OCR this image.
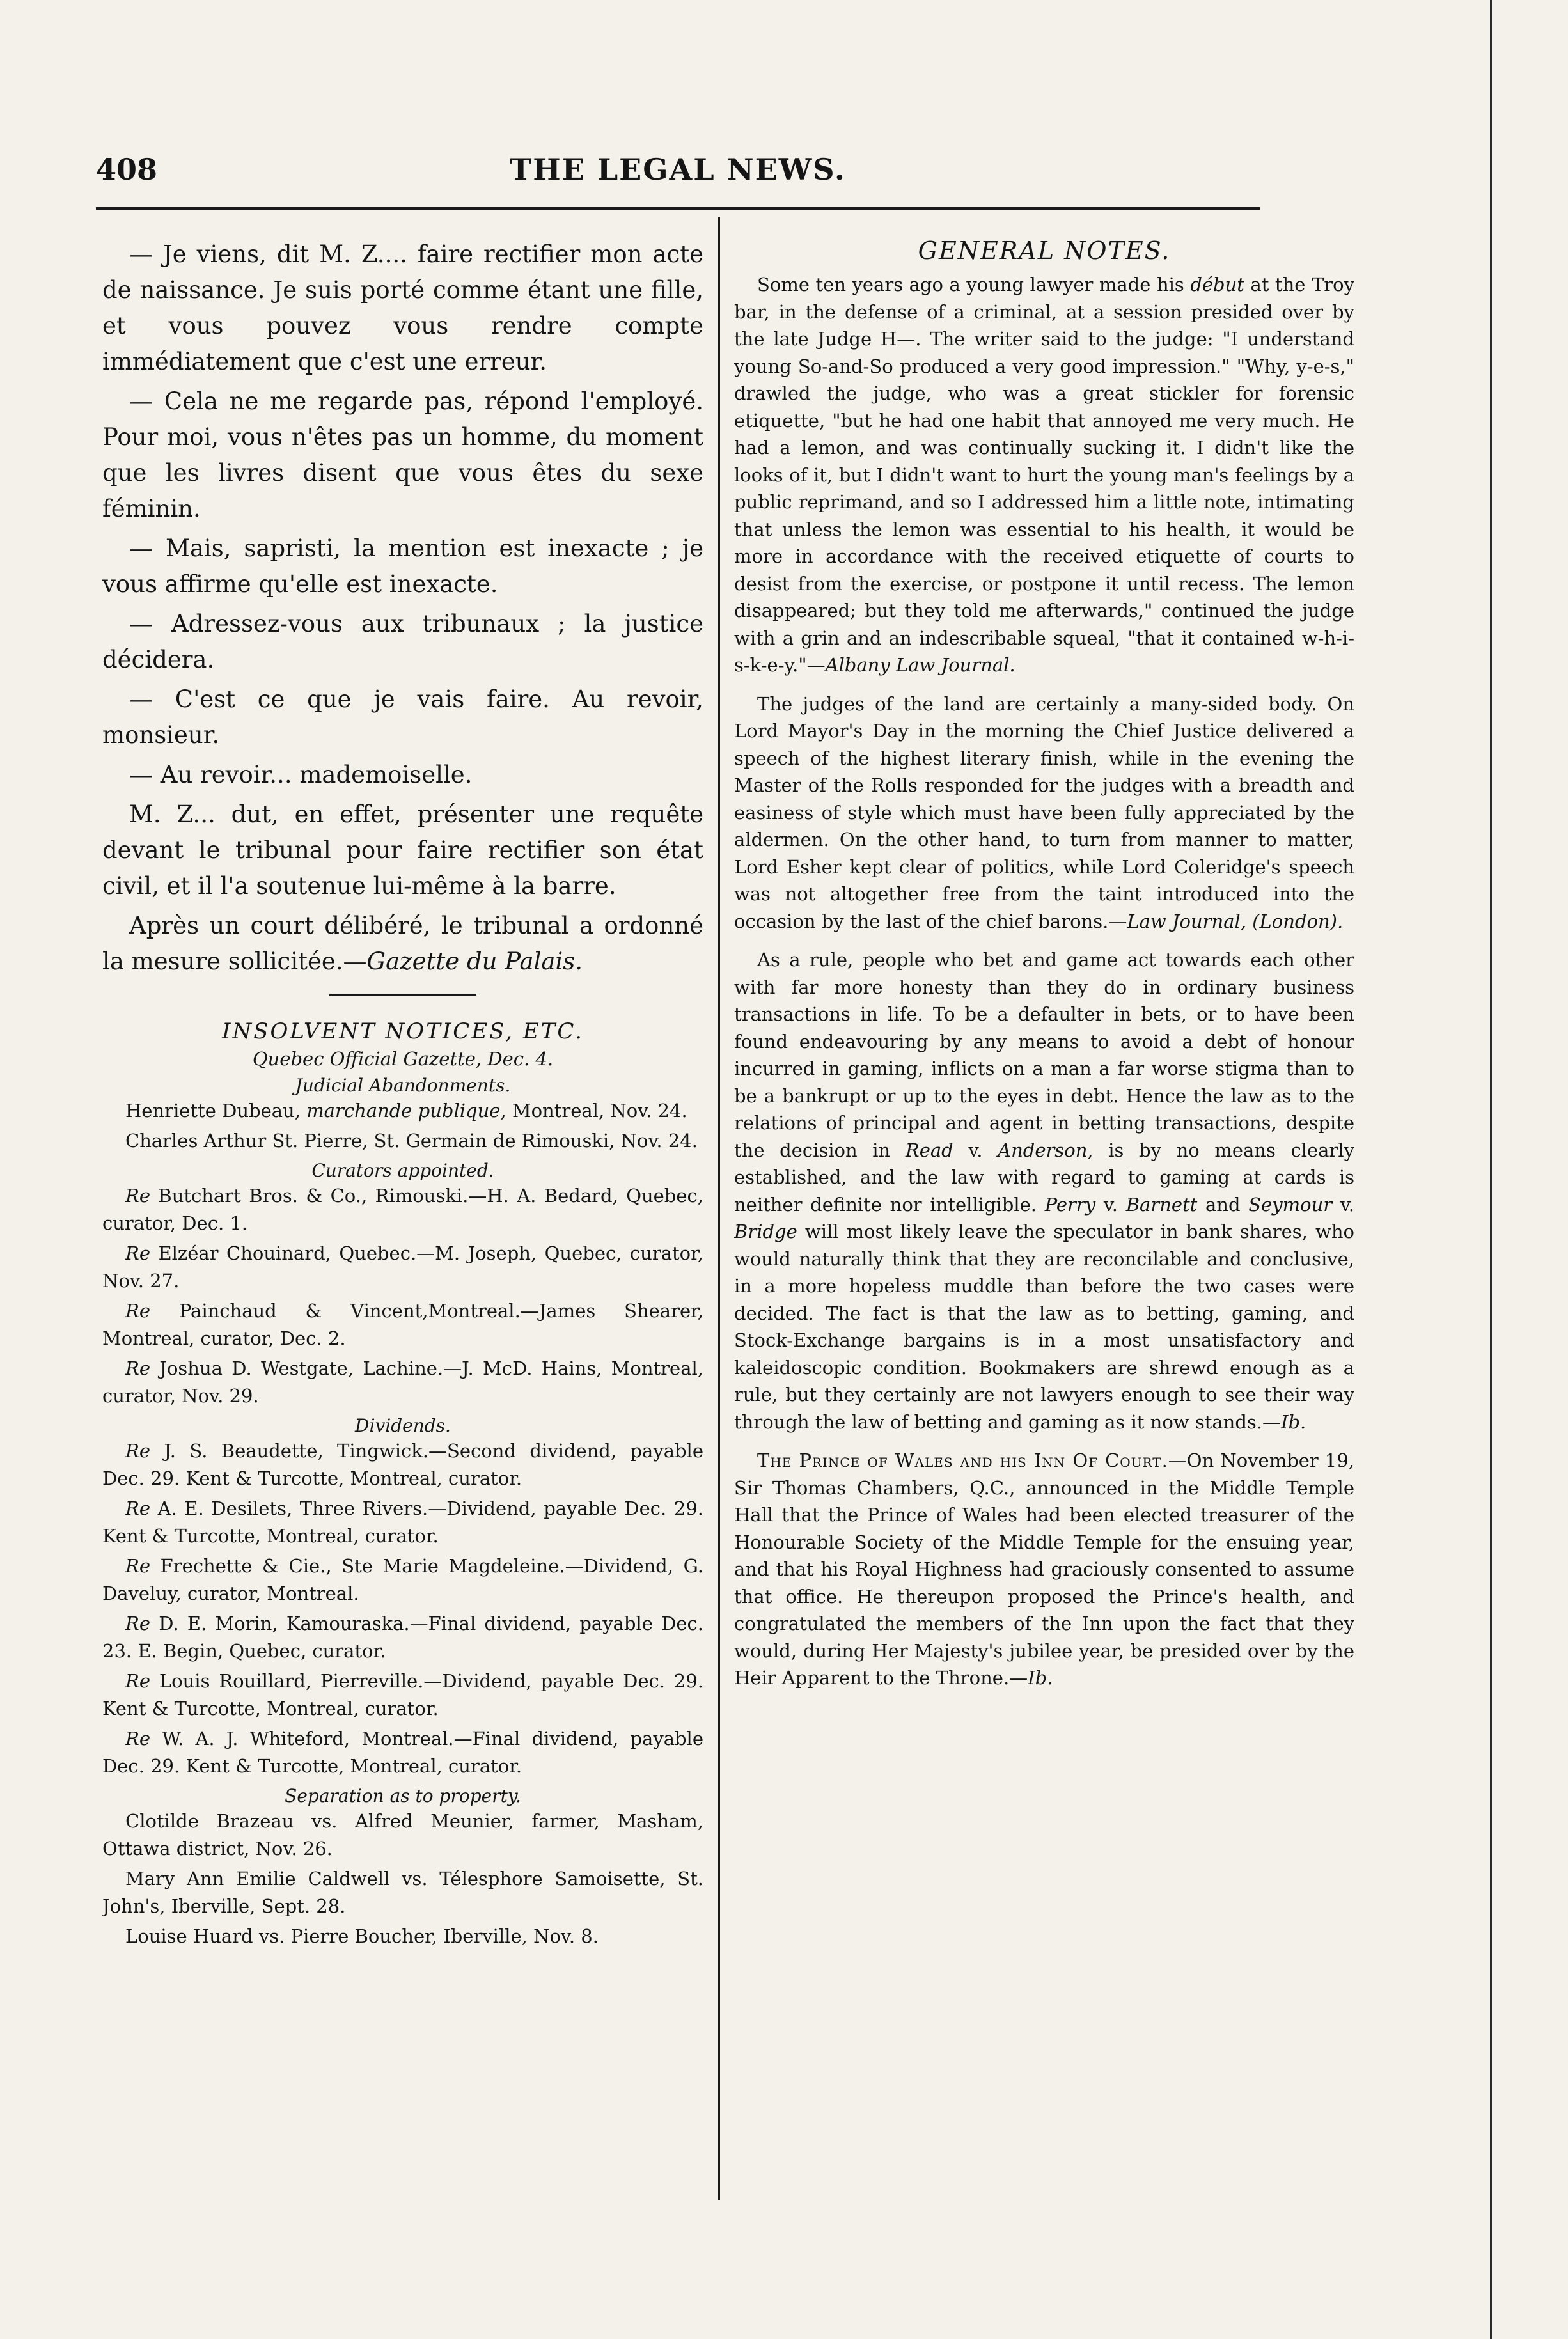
408	THE LEGAL NEWS.

— Je viens, dit M. Z.... faire rectifier mon acte de naissance. Je suis porté comme étant une fille, et vous pouvez vous rendre compte immédiatement que c'est une erreur.

— Cela ne me regarde pas, répond l'employé. Pour moi, vous n'êtes pas un homme, du moment que les livres disent que vous êtes du sexe féminin.

— Mais, sapristi, la mention est inexacte ; je vous affirme qu'elle est inexacte.

— Adressez-vous aux tribunaux ; la justice décidera.

— C'est ce que je vais faire. Au revoir, monsieur.

— Au revoir... mademoiselle.

M. Z... dut, en effet, présenter une requête devant le tribunal pour faire rectifier son état civil, et il l'a soutenue lui-même à la barre.

Après un court délibéré, le tribunal a ordonné la mesure sollicitée.—Gazette du Palais.

INSOLVENT NOTICES, ETC.
Quebec Official Gazette, Dec. 4.
Judicial Abandonments.

Henriette Dubeau, marchande publique, Montreal, Nov. 24.

Charles Arthur St. Pierre, St. Germain de Rimouski, Nov. 24.

Curators appointed.

Re Butchart Bros. & Co., Rimouski.—H. A. Bedard, Quebec, curator, Dec. 1.

Re Elzéar Chouinard, Quebec.—M. Joseph, Quebec, curator, Nov. 27.

Re Painchaud & Vincent,Montreal.—James Shearer, Montreal, curator, Dec. 2.

Re Joshua D. Westgate, Lachine.—J. McD. Hains, Montreal, curator, Nov. 29.

Dividends.

Re J. S. Beaudette, Tingwick.—Second dividend, payable Dec. 29. Kent & Turcotte, Montreal, curator.

Re A. E. Desilets, Three Rivers.—Dividend, payable Dec. 29. Kent & Turcotte, Montreal, curator.

Re Frechette & Cie., Ste Marie Magdeleine.—Dividend, G. Daveluy, curator, Montreal.

Re D. E. Morin, Kamouraska.—Final dividend, payable Dec. 23. E. Begin, Quebec, curator.

Re Louis Rouillard, Pierreville.—Dividend, payable Dec. 29. Kent & Turcotte, Montreal, curator.

Re W. A. J. Whiteford, Montreal.—Final dividend, payable Dec. 29. Kent & Turcotte, Montreal, curator.

Separation as to property.

Clotilde Brazeau vs. Alfred Meunier, farmer, Masham, Ottawa district, Nov. 26.

Mary Ann Emilie Caldwell vs. Télesphore Samoisette, St. John's, Iberville, Sept. 28.

Louise Huard vs. Pierre Boucher, Iberville, Nov. 8.

GENERAL NOTES.

Some ten years ago a young lawyer made his début at the Troy bar, in the defense of a criminal, at a session presided over by the late Judge H—. The writer said to the judge: "I understand young So-and-So produced a very good impression." "Why, y-e-s," drawled the judge, who was a great stickler for forensic etiquette, "but he had one habit that annoyed me very much. He had a lemon, and was continually sucking it. I didn't like the looks of it, but I didn't want to hurt the young man's feelings by a public reprimand, and so I addressed him a little note, intimating that unless the lemon was essential to his health, it would be more in accordance with the received etiquette of courts to desist from the exercise, or postpone it until recess. The lemon disappeared; but they told me afterwards," continued the judge with a grin and an indescribable squeal, "that it contained w-h-i-s-k-e-y."—Albany Law Journal.

The judges of the land are certainly a many-sided body. On Lord Mayor's Day in the morning the Chief Justice delivered a speech of the highest literary finish, while in the evening the Master of the Rolls responded for the judges with a breadth and easiness of style which must have been fully appreciated by the aldermen. On the other hand, to turn from manner to matter, Lord Esher kept clear of politics, while Lord Coleridge's speech was not altogether free from the taint introduced into the occasion by the last of the chief barons.—Law Journal, (London).

As a rule, people who bet and game act towards each other with far more honesty than they do in ordinary business transactions in life. To be a defaulter in bets, or to have been found endeavouring by any means to avoid a debt of honour incurred in gaming, inflicts on a man a far worse stigma than to be a bankrupt or up to the eyes in debt. Hence the law as to the relations of principal and agent in betting transactions, despite the decision in Read v. Anderson, is by no means clearly established, and the law with regard to gaming at cards is neither definite nor intelligible. Perry v. Barnett and Seymour v. Bridge will most likely leave the speculator in bank shares, who would naturally think that they are reconcilable and conclusive, in a more hopeless muddle than before the two cases were decided. The fact is that the law as to betting, gaming, and Stock-Exchange bargains is in a most unsatisfactory and kaleidoscopic condition. Bookmakers are shrewd enough as a rule, but they certainly are not lawyers enough to see their way through the law of betting and gaming as it now stands.—Ib.

The Prince of Wales and his Inn Of Court.—On November 19, Sir Thomas Chambers, Q.C., announced in the Middle Temple Hall that the Prince of Wales had been elected treasurer of the Honourable Society of the Middle Temple for the ensuing year, and that his Royal Highness had graciously consented to assume that office. He thereupon proposed the Prince's health, and congratulated the members of the Inn upon the fact that they would, during Her Majesty's jubilee year, be presided over by the Heir Apparent to the Throne.—Ib.
